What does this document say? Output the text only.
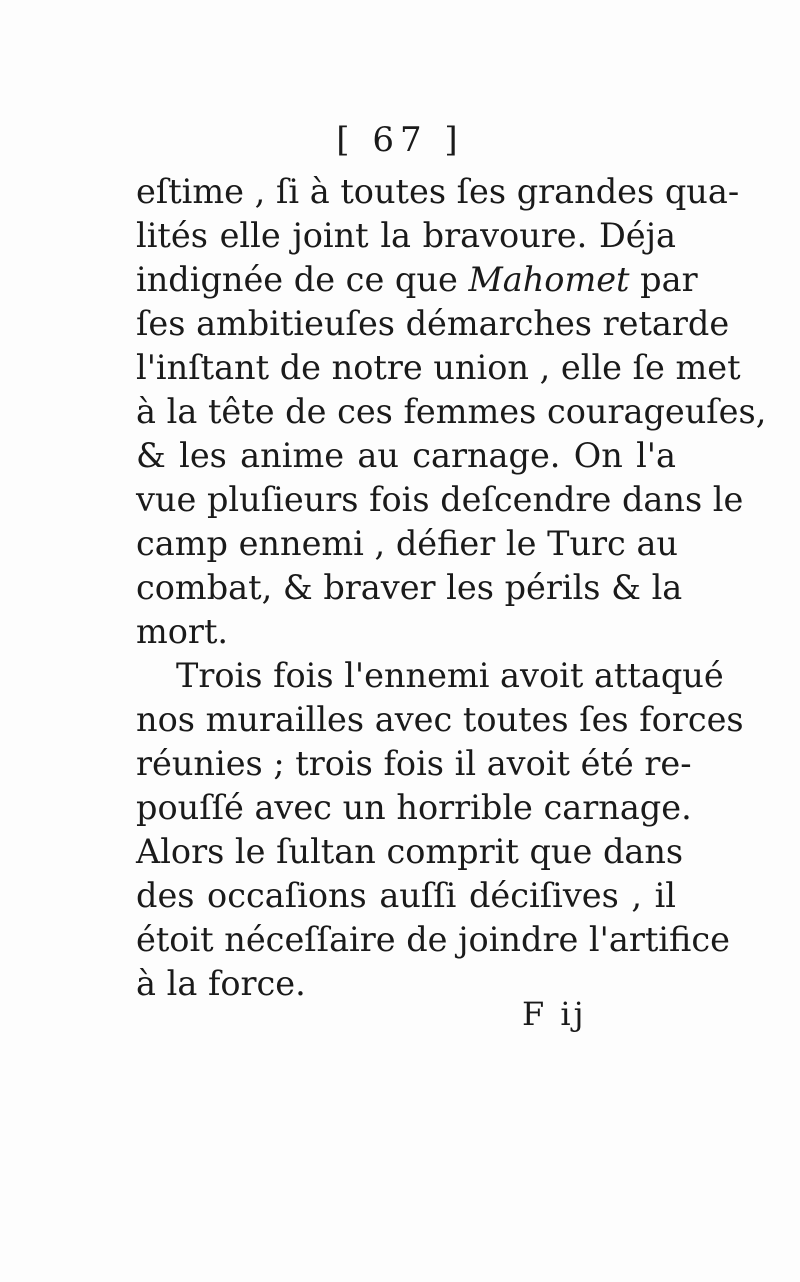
[ 67 ]
eſtime , ſi à toutes ſes grandes qua-
lités elle joint la bravoure. Déja
indignée de ce que Mahomet par
ſes ambitieuſes démarches retarde
l'inſtant de notre union , elle ſe met
à la tête de ces femmes courageuſes,
& les anime au carnage. On l'a
vue pluſieurs fois deſcendre dans le
camp ennemi , défier le Turc au
combat, & braver les périls & la
mort.
Trois fois l'ennemi avoit attaqué
nos murailles avec toutes ſes forces
réunies ; trois fois il avoit été re-
pouſſé avec un horrible carnage.
Alors le ſultan comprit que dans
des occaſions auſſi déciſives , il
étoit néceſſaire de joindre l'artifice
à la force.
F ij
